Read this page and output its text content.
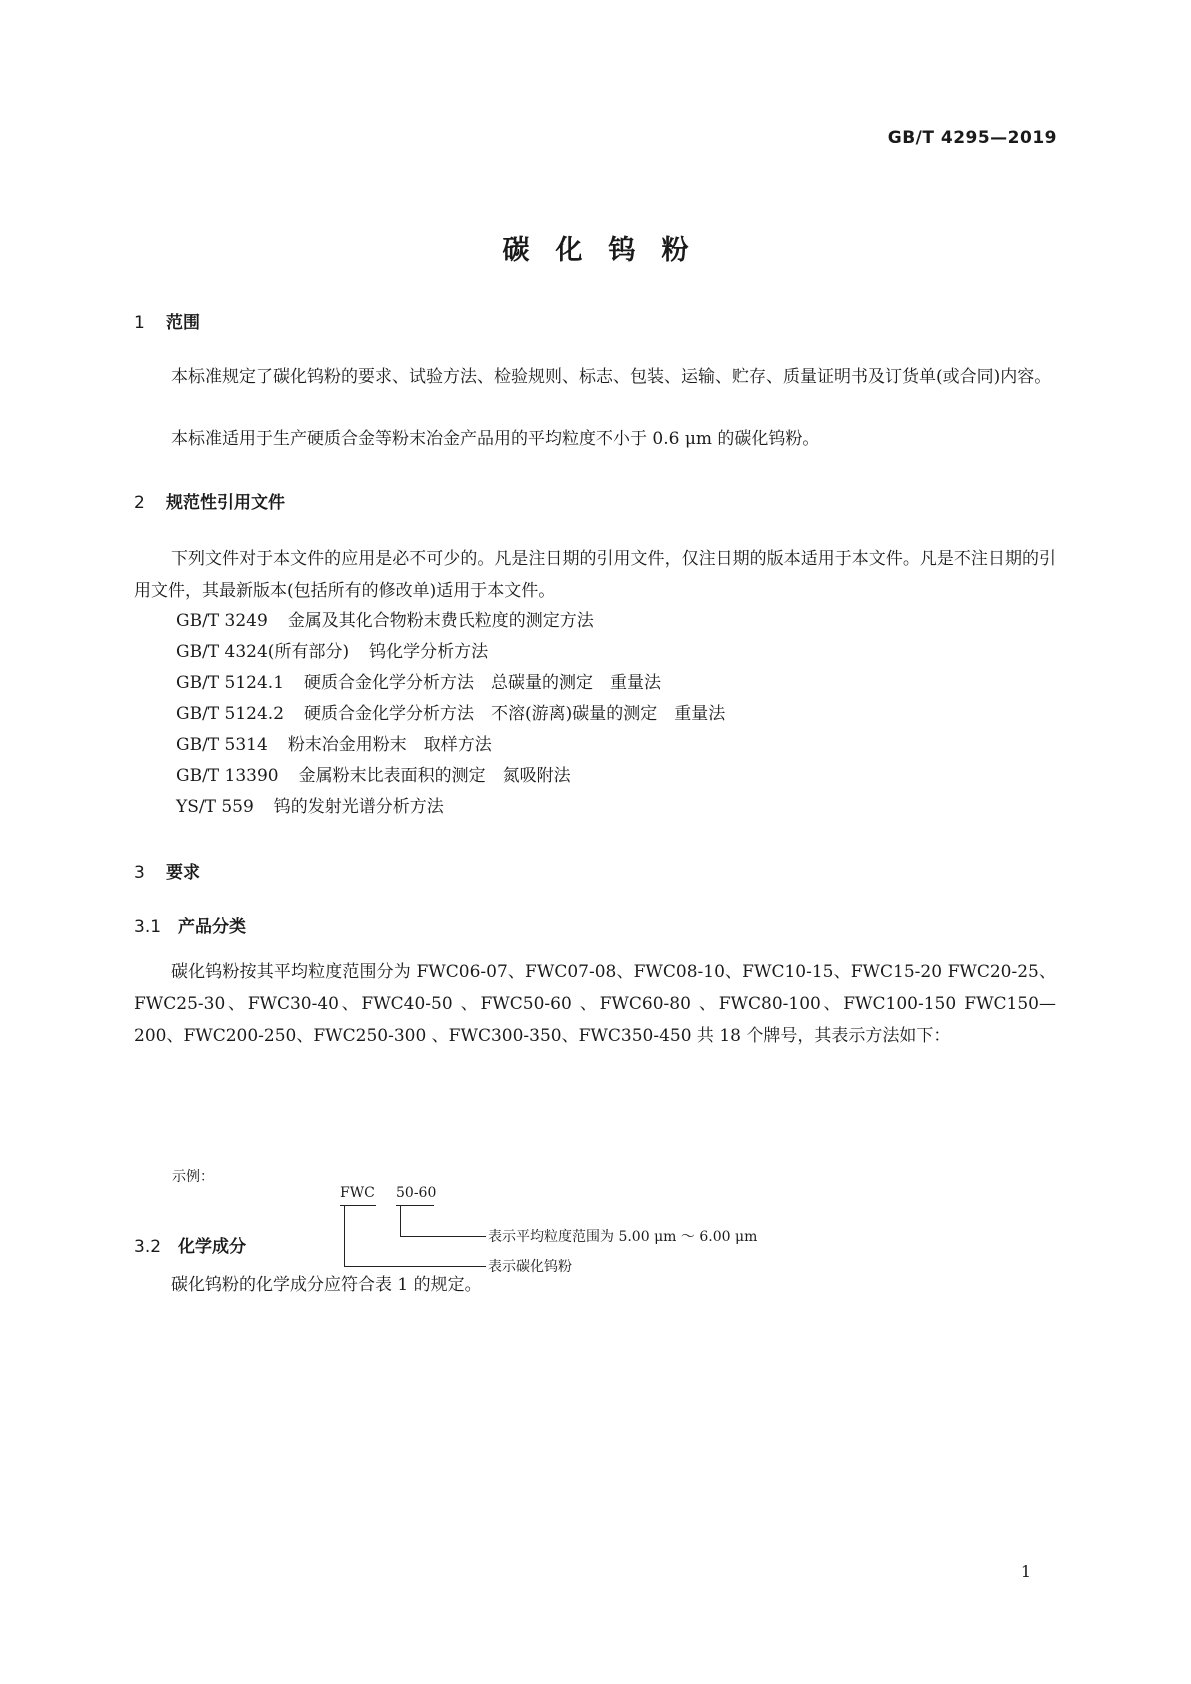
GB/T 4295—2019
碳化钨粉
1 范围
本标准规定了碳化钨粉的要求、试验方法、检验规则、标志、包装、运输、贮存、质量证明书及订货单(或合同)内容。
本标准适用于生产硬质合金等粉末冶金产品用的平均粒度不小于 0.6 μm 的碳化钨粉。
2 规范性引用文件
下列文件对于本文件的应用是必不可少的。凡是注日期的引用文件，仅注日期的版本适用于本文件。凡是不注日期的引用文件，其最新版本(包括所有的修改单)适用于本文件。
GB/T 3249 金属及其化合物粉末费氏粒度的测定方法
GB/T 4324(所有部分) 钨化学分析方法
GB/T 5124.1 硬质合金化学分析方法　总碳量的测定　重量法
GB/T 5124.2 硬质合金化学分析方法　不溶(游离)碳量的测定　重量法
GB/T 5314 粉末冶金用粉末　取样方法
GB/T 13390 金属粉末比表面积的测定　氮吸附法
YS/T 559 钨的发射光谱分析方法
3 要求
3.1 产品分类
碳化钨粉按其平均粒度范围分为 FWC06-07、FWC07-08、FWC08-10、FWC10-15、FWC15-20 FWC20-25、FWC25-30、FWC30-40、FWC40-50 、FWC50-60 、FWC60-80 、FWC80-100、FWC100-150 FWC150—200、FWC200-250、FWC250-300 、FWC300-350、FWC350-450 共 18 个牌号，其表示方法如下：
示例：
FWC 50-60
表示平均粒度范围为 5.00 μm ～ 6.00 μm
表示碳化钨粉
3.2 化学成分
碳化钨粉的化学成分应符合表 1 的规定。
1
